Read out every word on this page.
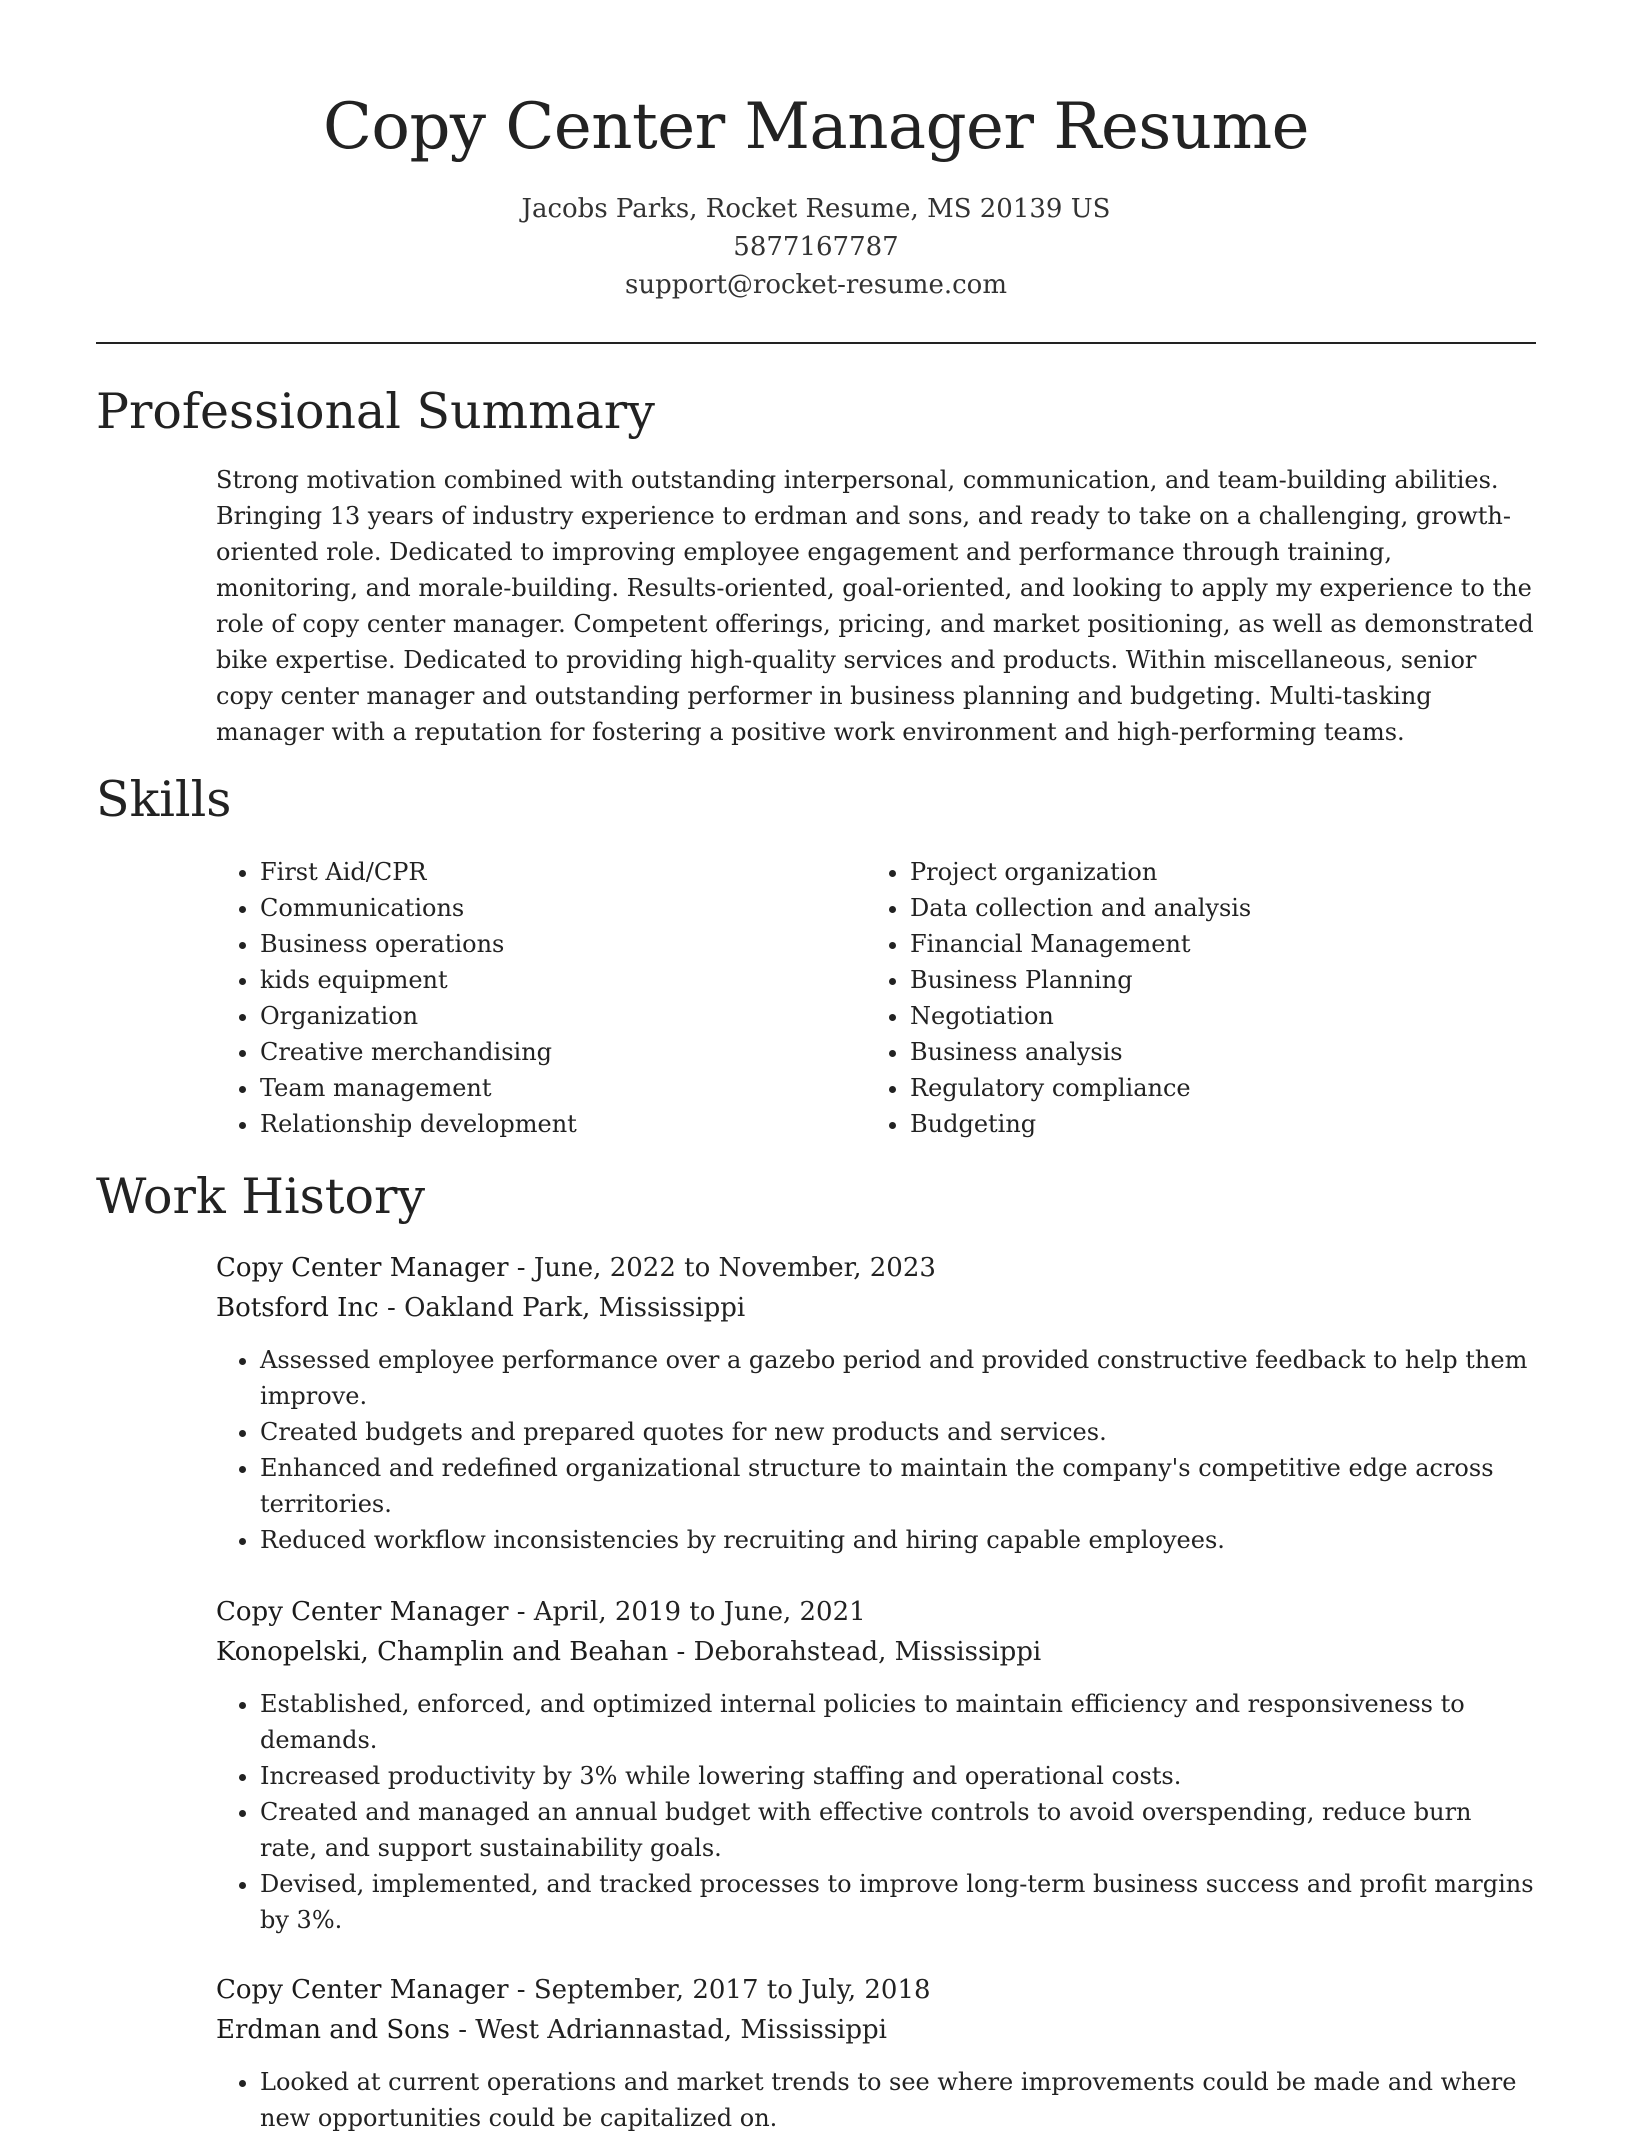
Copy Center Manager Resume
Jacobs Parks, Rocket Resume, MS 20139 US
5877167787
support@rocket-resume.com
Professional Summary

Strong motivation combined with outstanding interpersonal, communication, and team-building abilities. Bringing 13 years of industry experience to erdman and sons, and ready to take on a challenging, growth-oriented role. Dedicated to improving employee engagement and performance through training, monitoring, and morale-building. Results-oriented, goal-oriented, and looking to apply my experience to the role of copy center manager. Competent offerings, pricing, and market positioning, as well as demonstrated bike expertise. Dedicated to providing high-quality services and products. Within miscellaneous, senior copy center manager and outstanding performer in business planning and budgeting. Multi-tasking manager with a reputation for fostering a positive work environment and high-performing teams.

Skills
• First Aid/CPR
• Communications
• Business operations
• kids equipment
• Organization
• Creative merchandising
• Team management
• Relationship development
• Project organization
• Data collection and analysis
• Financial Management
• Business Planning
• Negotiation
• Business analysis
• Regulatory compliance
• Budgeting
Work History
Copy Center Manager - June, 2022 to November, 2023
Botsford Inc - Oakland Park, Mississippi
• Assessed employee performance over a gazebo period and provided constructive feedback to help them improve.
• Created budgets and prepared quotes for new products and services.
• Enhanced and redefined organizational structure to maintain the company's competitive edge across territories.
• Reduced workflow inconsistencies by recruiting and hiring capable employees.
Copy Center Manager - April, 2019 to June, 2021
Konopelski, Champlin and Beahan - Deborahstead, Mississippi
• Established, enforced, and optimized internal policies to maintain efficiency and responsiveness to demands.
• Increased productivity by 3% while lowering staffing and operational costs.
• Created and managed an annual budget with effective controls to avoid overspending, reduce burn rate, and support sustainability goals.
• Devised, implemented, and tracked processes to improve long-term business success and profit margins by 3%.
Copy Center Manager - September, 2017 to July, 2018
Erdman and Sons - West Adriannastad, Mississippi
• Looked at current operations and market trends to see where improvements could be made and where new opportunities could be capitalized on.
